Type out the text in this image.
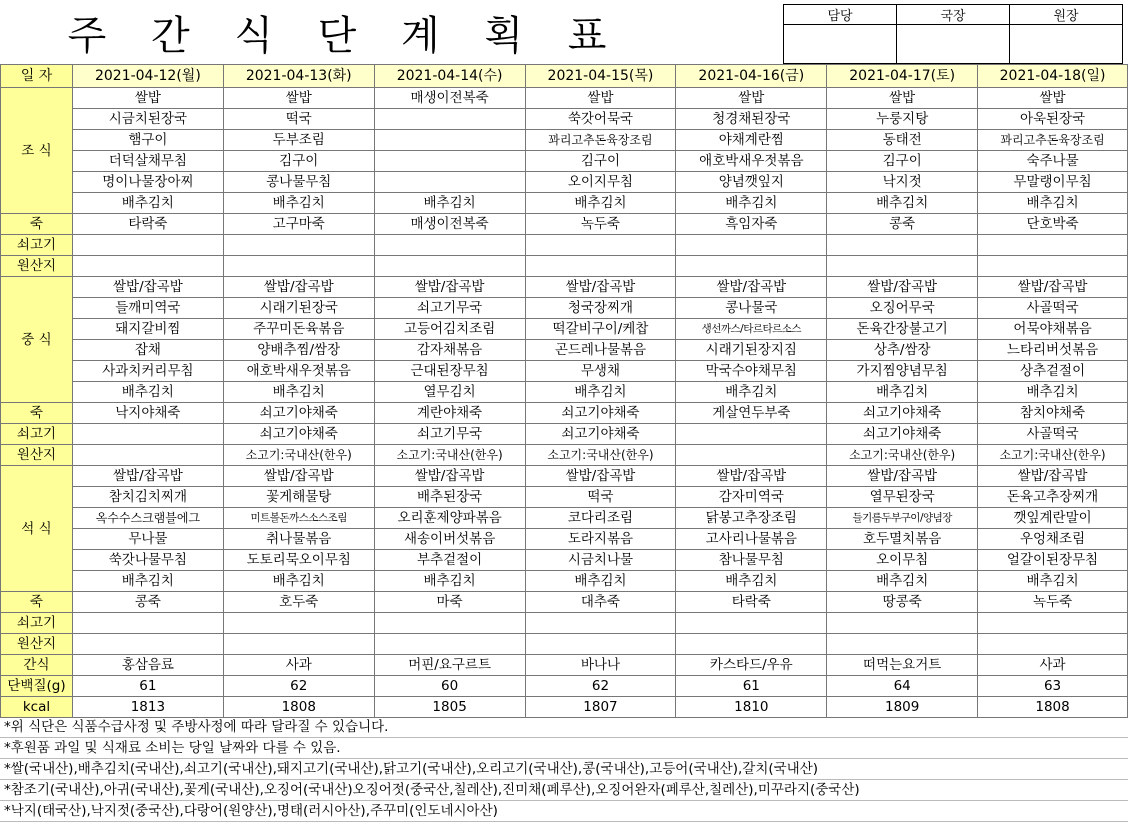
주 간 식 단 계 획 표	담당	국장	원장

일 자	2021-04-12(월)	2021-04-13(화)	2021-04-14(수)	2021-04-15(목)	2021-04-16(금)	2021-04-17(토)	2021-04-18(일)
조 식	쌀밥	쌀밥	매생이전복죽	쌀밥	쌀밥	쌀밥	쌀밥
	시금치된장국	떡국		쑥갓어묵국	청경채된장국	누룽지탕	아욱된장국
	햄구이	두부조림		꽈리고추돈육장조림	야채계란찜	동태전	꽈리고추돈육장조림
	더덕살채무침	김구이		김구이	애호박새우젓볶음	김구이	숙주나물
	명이나물장아찌	콩나물무침		오이지무침	양념깻잎지	낙지젓	무말랭이무침
	배추김치	배추김치	배추김치	배추김치	배추김치	배추김치	배추김치
죽	타락죽	고구마죽	매생이전복죽	녹두죽	흑임자죽	콩죽	단호박죽
쇠고기							
원산지							
중 식	쌀밥/잡곡밥	쌀밥/잡곡밥	쌀밥/잡곡밥	쌀밥/잡곡밥	쌀밥/잡곡밥	쌀밥/잡곡밥	쌀밥/잡곡밥
	들깨미역국	시래기된장국	쇠고기무국	청국장찌개	콩나물국	오징어무국	사골떡국
	돼지갈비찜	주꾸미돈육볶음	고등어김치조림	떡갈비구이/케찹	생선까스/타르타르소스	돈육간장불고기	어묵야채볶음
	잡채	양배추찜/쌈장	감자채볶음	곤드레나물볶음	시래기된장지짐	상추/쌈장	느타리버섯볶음
	사과치커리무침	애호박새우젓볶음	근대된장무침	무생채	막국수야채무침	가지찜양념무침	상추겉절이
	배추김치	배추김치	열무김치	배추김치	배추김치	배추김치	배추김치
죽	낙지야채죽	쇠고기야채죽	계란야채죽	쇠고기야채죽	게살연두부죽	쇠고기야채죽	참치야채죽
쇠고기		쇠고기야채죽	쇠고기무국	쇠고기야채죽		쇠고기야채죽	사골떡국
원산지		소고기:국내산(한우)	소고기:국내산(한우)	소고기:국내산(한우)		소고기:국내산(한우)	소고기:국내산(한우)
석 식	쌀밥/잡곡밥	쌀밥/잡곡밥	쌀밥/잡곡밥	쌀밥/잡곡밥	쌀밥/잡곡밥	쌀밥/잡곡밥	쌀밥/잡곡밥
	참치김치찌개	꽃게해물탕	배추된장국	떡국	감자미역국	열무된장국	돈육고추장찌개
	옥수수스크램블에그	미트볼돈까스소스조림	오리훈제양파볶음	코다리조림	닭봉고추장조림	들기름두부구이/양념장	깻잎계란말이
	무나물	취나물볶음	새송이버섯볶음	도라지볶음	고사리나물볶음	호두멸치볶음	우엉채조림
	쑥갓나물무침	도토리묵오이무침	부추겉절이	시금치나물	참나물무침	오이무침	얼갈이된장무침
	배추김치	배추김치	배추김치	배추김치	배추김치	배추김치	배추김치
죽	콩죽	호두죽	마죽	대추죽	타락죽	땅콩죽	녹두죽
쇠고기							
원산지							
간식	홍삼음료	사과	머핀/요구르트	바나나	카스타드/우유	떠먹는요거트	사과
단백질(g)	61	62	60	62	61	64	63
kcal	1813	1808	1805	1807	1810	1809	1808
*위 식단은 식품수급사정 및 주방사정에 따라 달라질 수 있습니다.
*후원품 과일 및 식재료 소비는 당일 날짜와 다를 수 있음.
*쌀(국내산),배추김치(국내산),쇠고기(국내산),돼지고기(국내산),닭고기(국내산),오리고기(국내산),콩(국내산),고등어(국내산),갈치(국내산)
*참조기(국내산),아귀(국내산),꽃게(국내산),오징어(국내산)오징어젓(중국산,칠레산),진미채(페루산),오징어완자(페루산,칠레산),미꾸라지(중국산)
*낙지(태국산),낙지젓(중국산),다랑어(원양산),명태(러시아산),주꾸미(인도네시아산)
